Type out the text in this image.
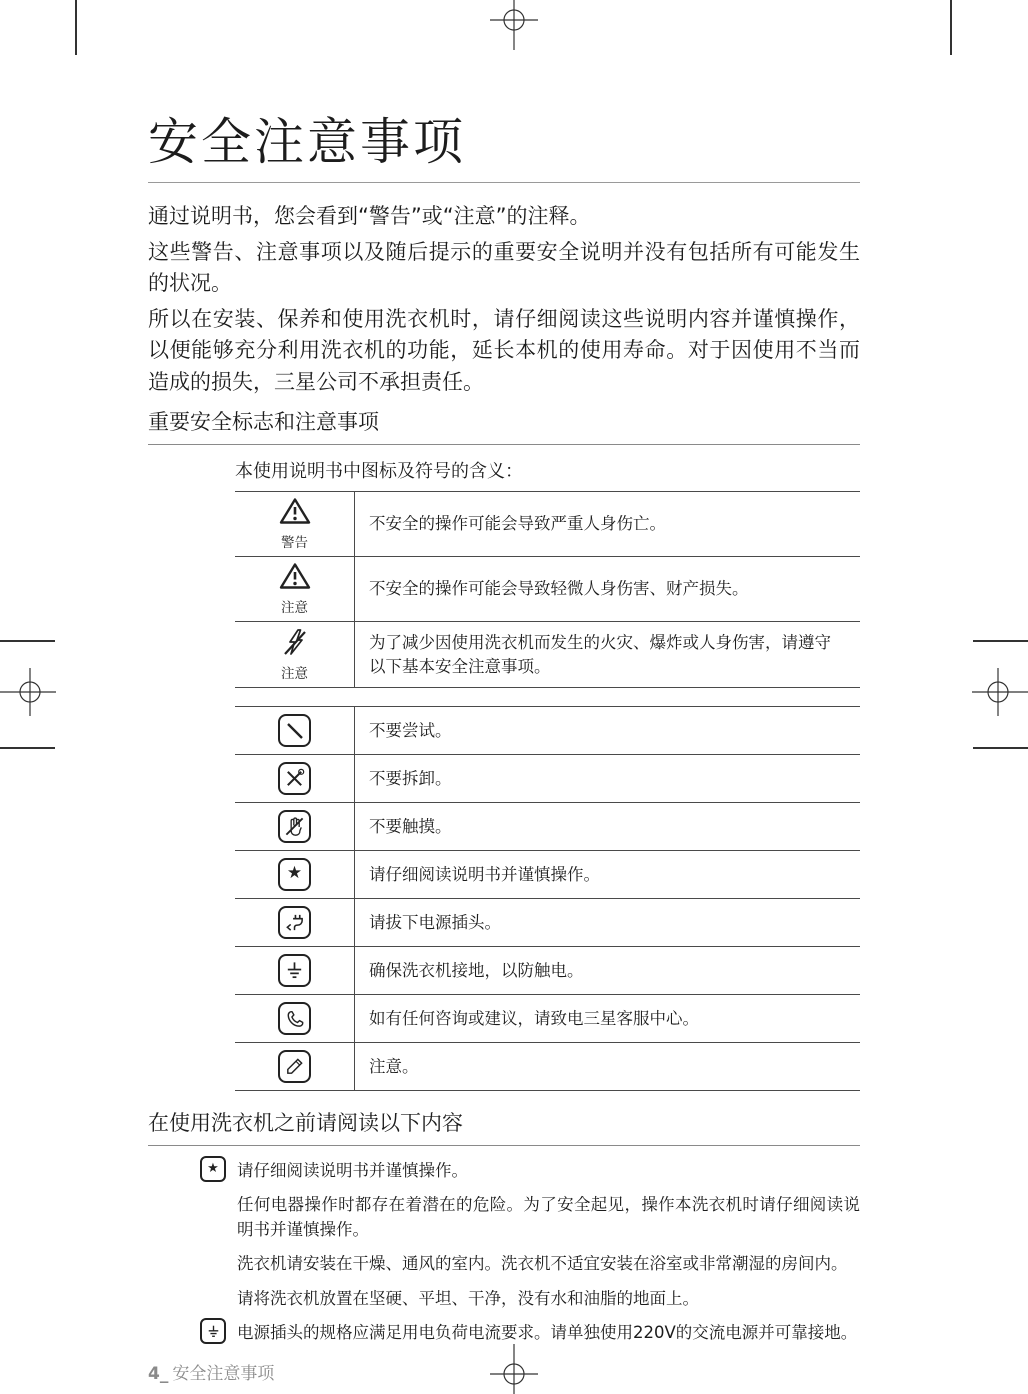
安全注意事项

通过说明书，您会看到“警告”或“注意”的注释。

这些警告、注意事项以及随后提示的重要安全说明并没有包括所有可能发生的状况。

所以在安装、保养和使用洗衣机时，请仔细阅读这些说明内容并谨慎操作，以便能够充分利用洗衣机的功能，延长本机的使用寿命。对于因使用不当而造成的损失，三星公司不承担责任。

重要安全标志和注意事项
本使用说明书中图标及符号的含义：
警告
不安全的操作可能会导致严重人身伤亡。
注意
不安全的操作可能会导致轻微人身伤害、财产损失。
注意
为了减少因使用洗衣机而发生的火灾、爆炸或人身伤害，请遵守以下基本安全注意事项。
不要尝试。
不要拆卸。
不要触摸。
★	请仔细阅读说明书并谨慎操作。
请拔下电源插头。
确保洗衣机接地，以防触电。
如有任何咨询或建议，请致电三星客服中心。
注意。
在使用洗衣机之前请阅读以下内容
★ 请仔细阅读说明书并谨慎操作。
任何电器操作时都存在着潜在的危险。为了安全起见，操作本洗衣机时请仔细阅读说明书并谨慎操作。
洗衣机请安装在干燥、通风的室内。洗衣机不适宜安装在浴室或非常潮湿的房间内。
请将洗衣机放置在坚硬、平坦、干净，没有水和油脂的地面上。
电源插头的规格应满足用电负荷电流要求。请单独使用220V的交流电源并可靠接地。
4_ 安全注意事项
